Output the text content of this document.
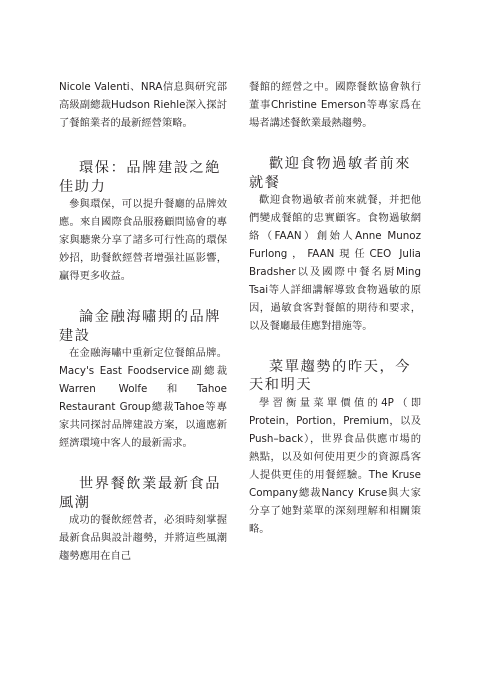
Nicole Valenti、NRA信息與研究部高級副總裁Hudson Riehle深入探討了餐館業者的最新經營策略。

環保：品牌建設之絶佳助力

參與環保，可以提升餐廳的品牌效應。來自國際食品服務顧問協會的專家與聽衆分享了諸多可行性高的環保妙招，助餐飲經營者增强社區影響，贏得更多收益。

論金融海嘯期的品牌建設

在金融海嘯中重新定位餐館品牌。Macy's East Foodservice副總裁Warren Wolfe和Tahoe Restaurant Group總裁Tahoe等專家共同探討品牌建設方案，以適應新經濟環境中客人的最新需求。

世界餐飲業最新食品風潮

成功的餐飲經營者，必須時刻掌握最新食品與設計趨勢，并將這些風潮趨勢應用在自己

餐館的經營之中。國際餐飲協會執行董事Christine Emerson等專家爲在場者講述餐飲業最熱趨勢。

歡迎食物過敏者前來就餐

歡迎食物過敏者前來就餐，并把他們變成餐館的忠實顧客。食物過敏網絡（FAAN）創始人Anne Munoz Furlong，FAAN現任CEO Julia Bradsher以及國際中餐名厨Ming Tsai等人詳細講解導致食物過敏的原因，過敏食客對餐館的期待和要求，以及餐廳最佳應對措施等。

菜單趨勢的昨天，今天和明天

學習衡量菜單價值的4P（即Protein，Portion，Premium，以及Push–back），世界食品供應市場的熱點，以及如何使用更少的資源爲客人提供更佳的用餐經驗。The Kruse Company總裁Nancy Kruse與大家分享了她對菜單的深刻理解和相關策略。
